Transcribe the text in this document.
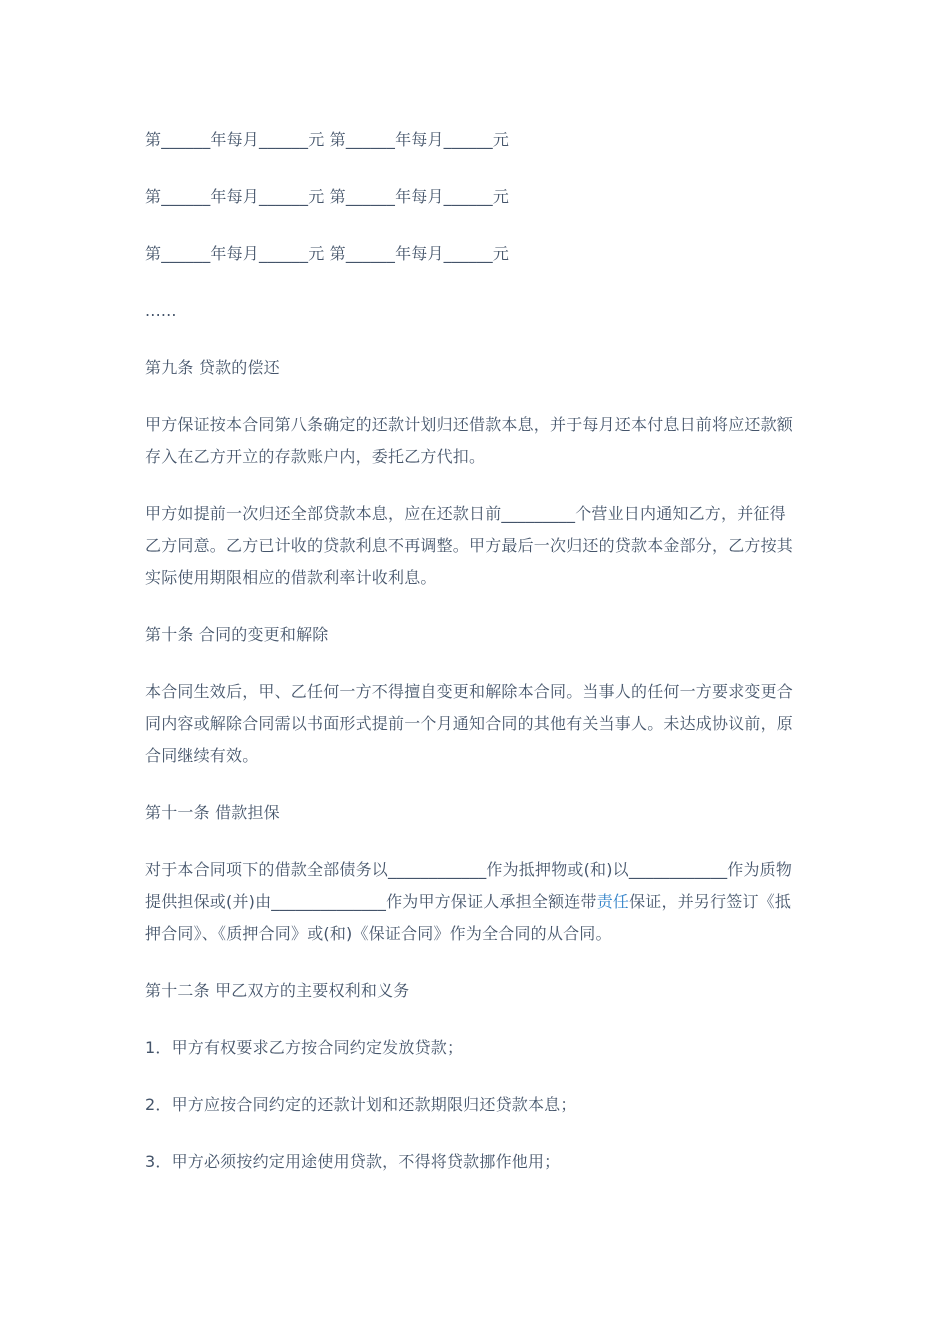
第______年每月______元 第______年每月______元

第______年每月______元 第______年每月______元

第______年每月______元 第______年每月______元

......

第九条 贷款的偿还

甲方保证按本合同第八条确定的还款计划归还借款本息，并于每月还本付息日前将应还款额存入在乙方开立的存款账户内，委托乙方代扣。

甲方如提前一次归还全部贷款本息，应在还款日前_________个营业日内通知乙方，并征得乙方同意。乙方已计收的贷款利息不再调整。甲方最后一次归还的贷款本金部分，乙方按其实际使用期限相应的借款利率计收利息。

第十条 合同的变更和解除

本合同生效后，甲、乙任何一方不得擅自变更和解除本合同。当事人的任何一方要求变更合同内容或解除合同需以书面形式提前一个月通知合同的其他有关当事人。未达成协议前，原合同继续有效。

第十一条 借款担保

对于本合同项下的借款全部债务以____________作为抵押物或(和)以____________作为质物提供担保或(并)由______________作为甲方保证人承担全额连带责任保证，并另行签订《抵押合同》、《质押合同》或(和)《保证合同》作为全合同的从合同。

第十二条 甲乙双方的主要权利和义务

1．甲方有权要求乙方按合同约定发放贷款；

2．甲方应按合同约定的还款计划和还款期限归还贷款本息；

3．甲方必须按约定用途使用贷款，不得将贷款挪作他用；
